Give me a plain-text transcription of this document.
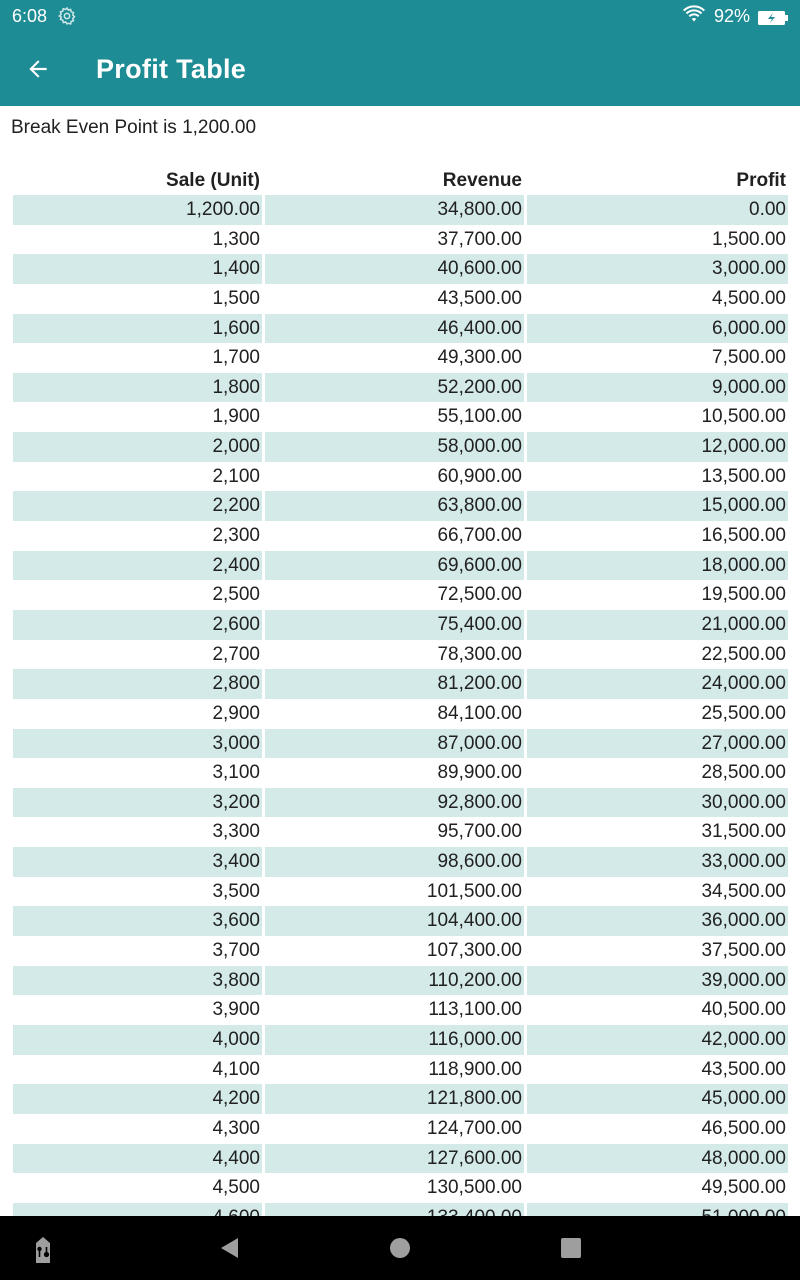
6:08	92%
Profit Table
Break Even Point is 1,200.00
Sale (Unit)	Revenue	Profit
1,200.00	34,800.00	0.00
1,300	37,700.00	1,500.00
1,400	40,600.00	3,000.00
1,500	43,500.00	4,500.00
1,600	46,400.00	6,000.00
1,700	49,300.00	7,500.00
1,800	52,200.00	9,000.00
1,900	55,100.00	10,500.00
2,000	58,000.00	12,000.00
2,100	60,900.00	13,500.00
2,200	63,800.00	15,000.00
2,300	66,700.00	16,500.00
2,400	69,600.00	18,000.00
2,500	72,500.00	19,500.00
2,600	75,400.00	21,000.00
2,700	78,300.00	22,500.00
2,800	81,200.00	24,000.00
2,900	84,100.00	25,500.00
3,000	87,000.00	27,000.00
3,100	89,900.00	28,500.00
3,200	92,800.00	30,000.00
3,300	95,700.00	31,500.00
3,400	98,600.00	33,000.00
3,500	101,500.00	34,500.00
3,600	104,400.00	36,000.00
3,700	107,300.00	37,500.00
3,800	110,200.00	39,000.00
3,900	113,100.00	40,500.00
4,000	116,000.00	42,000.00
4,100	118,900.00	43,500.00
4,200	121,800.00	45,000.00
4,300	124,700.00	46,500.00
4,400	127,600.00	48,000.00
4,500	130,500.00	49,500.00
